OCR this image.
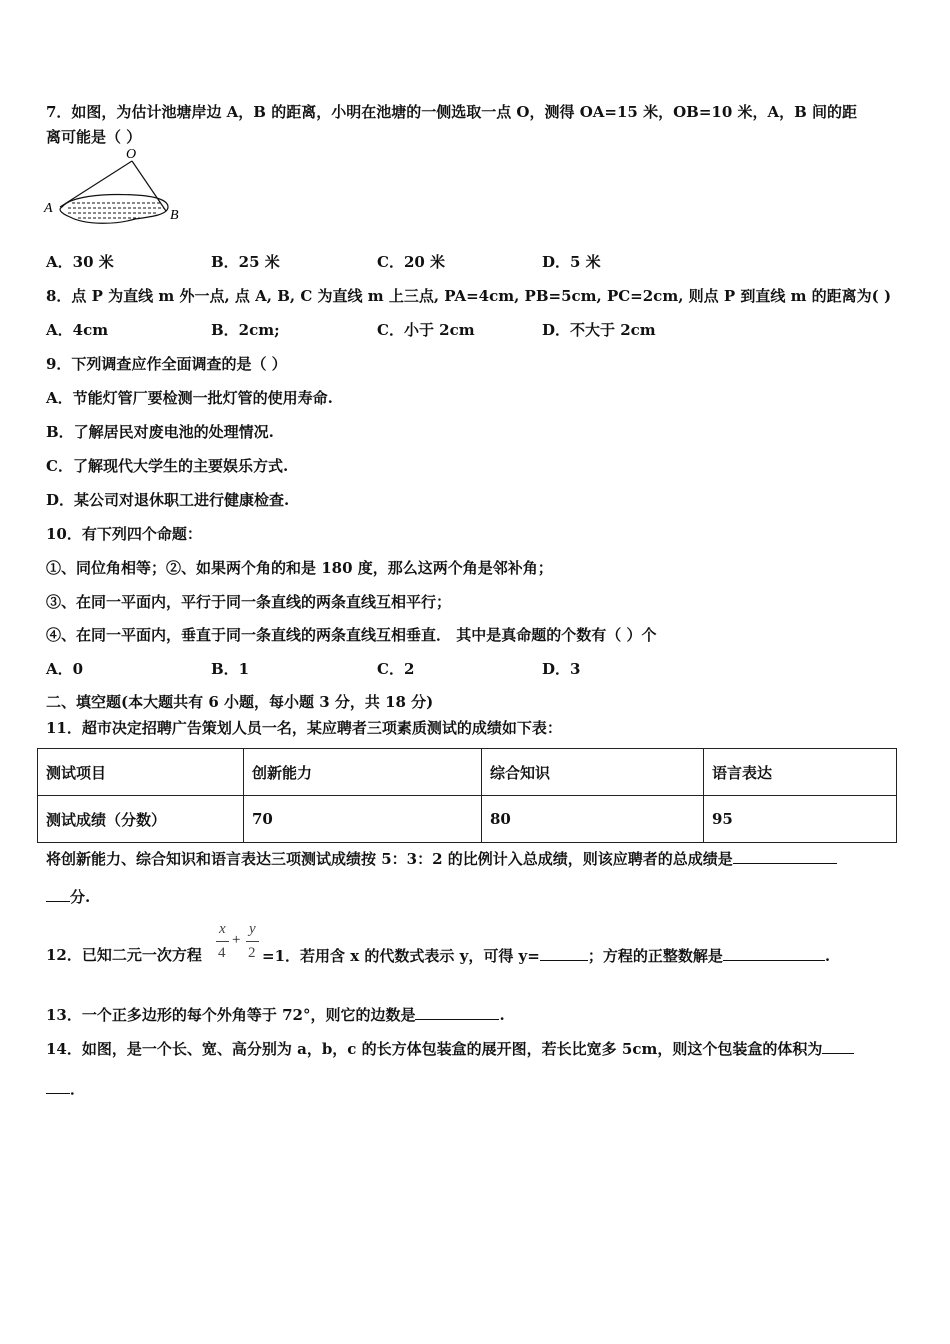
7．如图，为估计池塘岸边 A，B 的距离，小明在池塘的一侧选取一点 O，测得 OA=15 米，OB=10 米，A，B 间的距
离可能是（ ）
O
A	B
A．30 米	B．25 米	C．20 米	D．5 米
8．点 P 为直线 m 外一点, 点 A, B, C 为直线 m 上三点, PA=4cm, PB=5cm, PC=2cm, 则点 P 到直线 m 的距离为( )
A．4cm	B．2cm;	C．小于 2cm	D．不大于 2cm
9．下列调查应作全面调查的是（ ）
A．节能灯管厂要检测一批灯管的使用寿命.
B．了解居民对废电池的处理情况.
C．了解现代大学生的主要娱乐方式.
D．某公司对退休职工进行健康检查.
10．有下列四个命题：
①、同位角相等；②、如果两个角的和是 180 度，那么这两个角是邻补角；
③、在同一平面内，平行于同一条直线的两条直线互相平行；
④、在同一平面内，垂直于同一条直线的两条直线互相垂直． 其中是真命题的个数有（ ）个
A．0	B．1	C．2	D．3
二、填空题(本大题共有 6 小题，每小题 3 分，共 18 分)
11．超市决定招聘广告策划人员一名，某应聘者三项素质测试的成绩如下表：
测试项目	创新能力	综合知识	语言表达
测试成绩（分数）	70	80	95
将创新能力、综合知识和语言表达三项测试成绩按 5：3：2 的比例计入总成绩，则该应聘者的总成绩是
分.
12．已知二元一次方程
x
4
+
y
2 =1．若用含 x 的代数式表示 y，可得 y=	；方程的正整数解是	.
13．一个正多边形的每个外角等于 72°，则它的边数是	.
14．如图，是一个长、宽、高分别为 a，b，c 的长方体包装盒的展开图，若长比宽多 5cm，则这个包装盒的体积为
．
